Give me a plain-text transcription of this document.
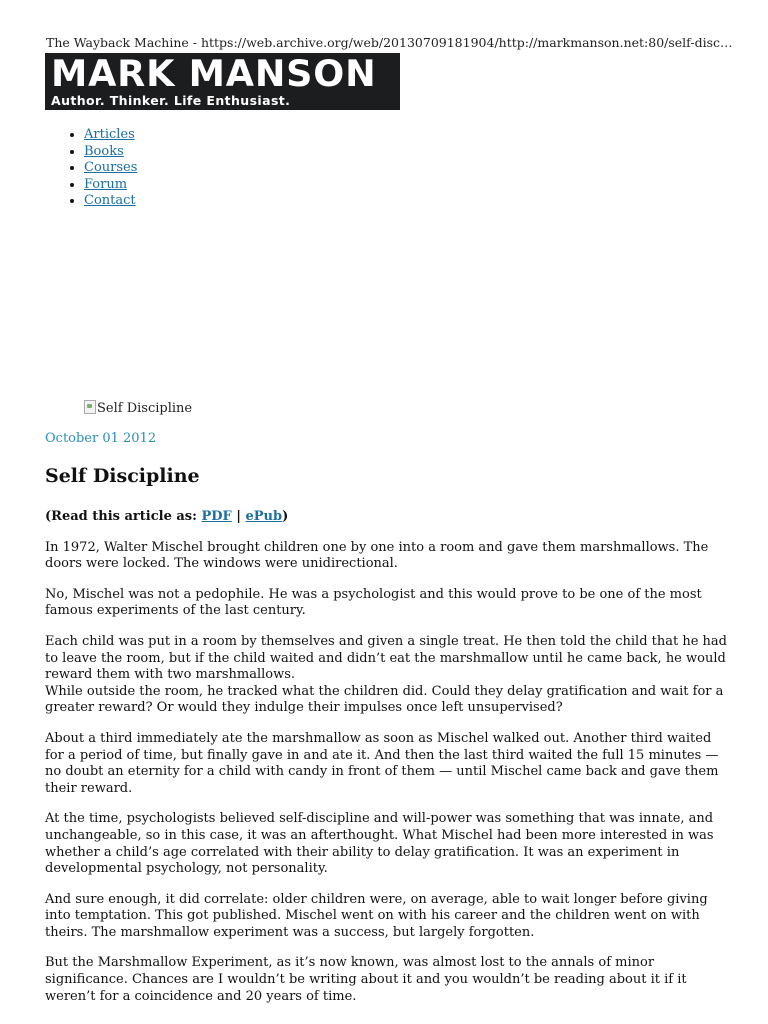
The Wayback Machine - https://web.archive.org/web/20130709181904/http://markmanson.net:80/self-disc…
MARK MANSON
Author. Thinker. Life Enthusiast.
• Articles
• Books
• Courses
• Forum
• Contact
Self Discipline
October 01 2012
Self Discipline

(Read this article as: PDF | ePub)

In 1972, Walter Mischel brought children one by one into a room and gave them marshmallows. The doors were locked. The windows were unidirectional.

No, Mischel was not a pedophile. He was a psychologist and this would prove to be one of the most famous experiments of the last century.

Each child was put in a room by themselves and given a single treat. He then told the child that he had to leave the room, but if the child waited and didn’t eat the marshmallow until he came back, he would reward them with two marshmallows.

While outside the room, he tracked what the children did. Could they delay gratification and wait for a greater reward? Or would they indulge their impulses once left unsupervised?

About a third immediately ate the marshmallow as soon as Mischel walked out. Another third waited for a period of time, but finally gave in and ate it. And then the last third waited the full 15 minutes — no doubt an eternity for a child with candy in front of them — until Mischel came back and gave them their reward.

At the time, psychologists believed self-discipline and will-power was something that was innate, and unchangeable, so in this case, it was an afterthought. What Mischel had been more interested in was whether a child’s age correlated with their ability to delay gratification. It was an experiment in developmental psychology, not personality.

And sure enough, it did correlate: older children were, on average, able to wait longer before giving into temptation. This got published. Mischel went on with his career and the children went on with theirs. The marshmallow experiment was a success, but largely forgotten.

But the Marshmallow Experiment, as it’s now known, was almost lost to the annals of minor significance. Chances are I wouldn’t be writing about it and you wouldn’t be reading about it if it weren’t for a coincidence and 20 years of time.
